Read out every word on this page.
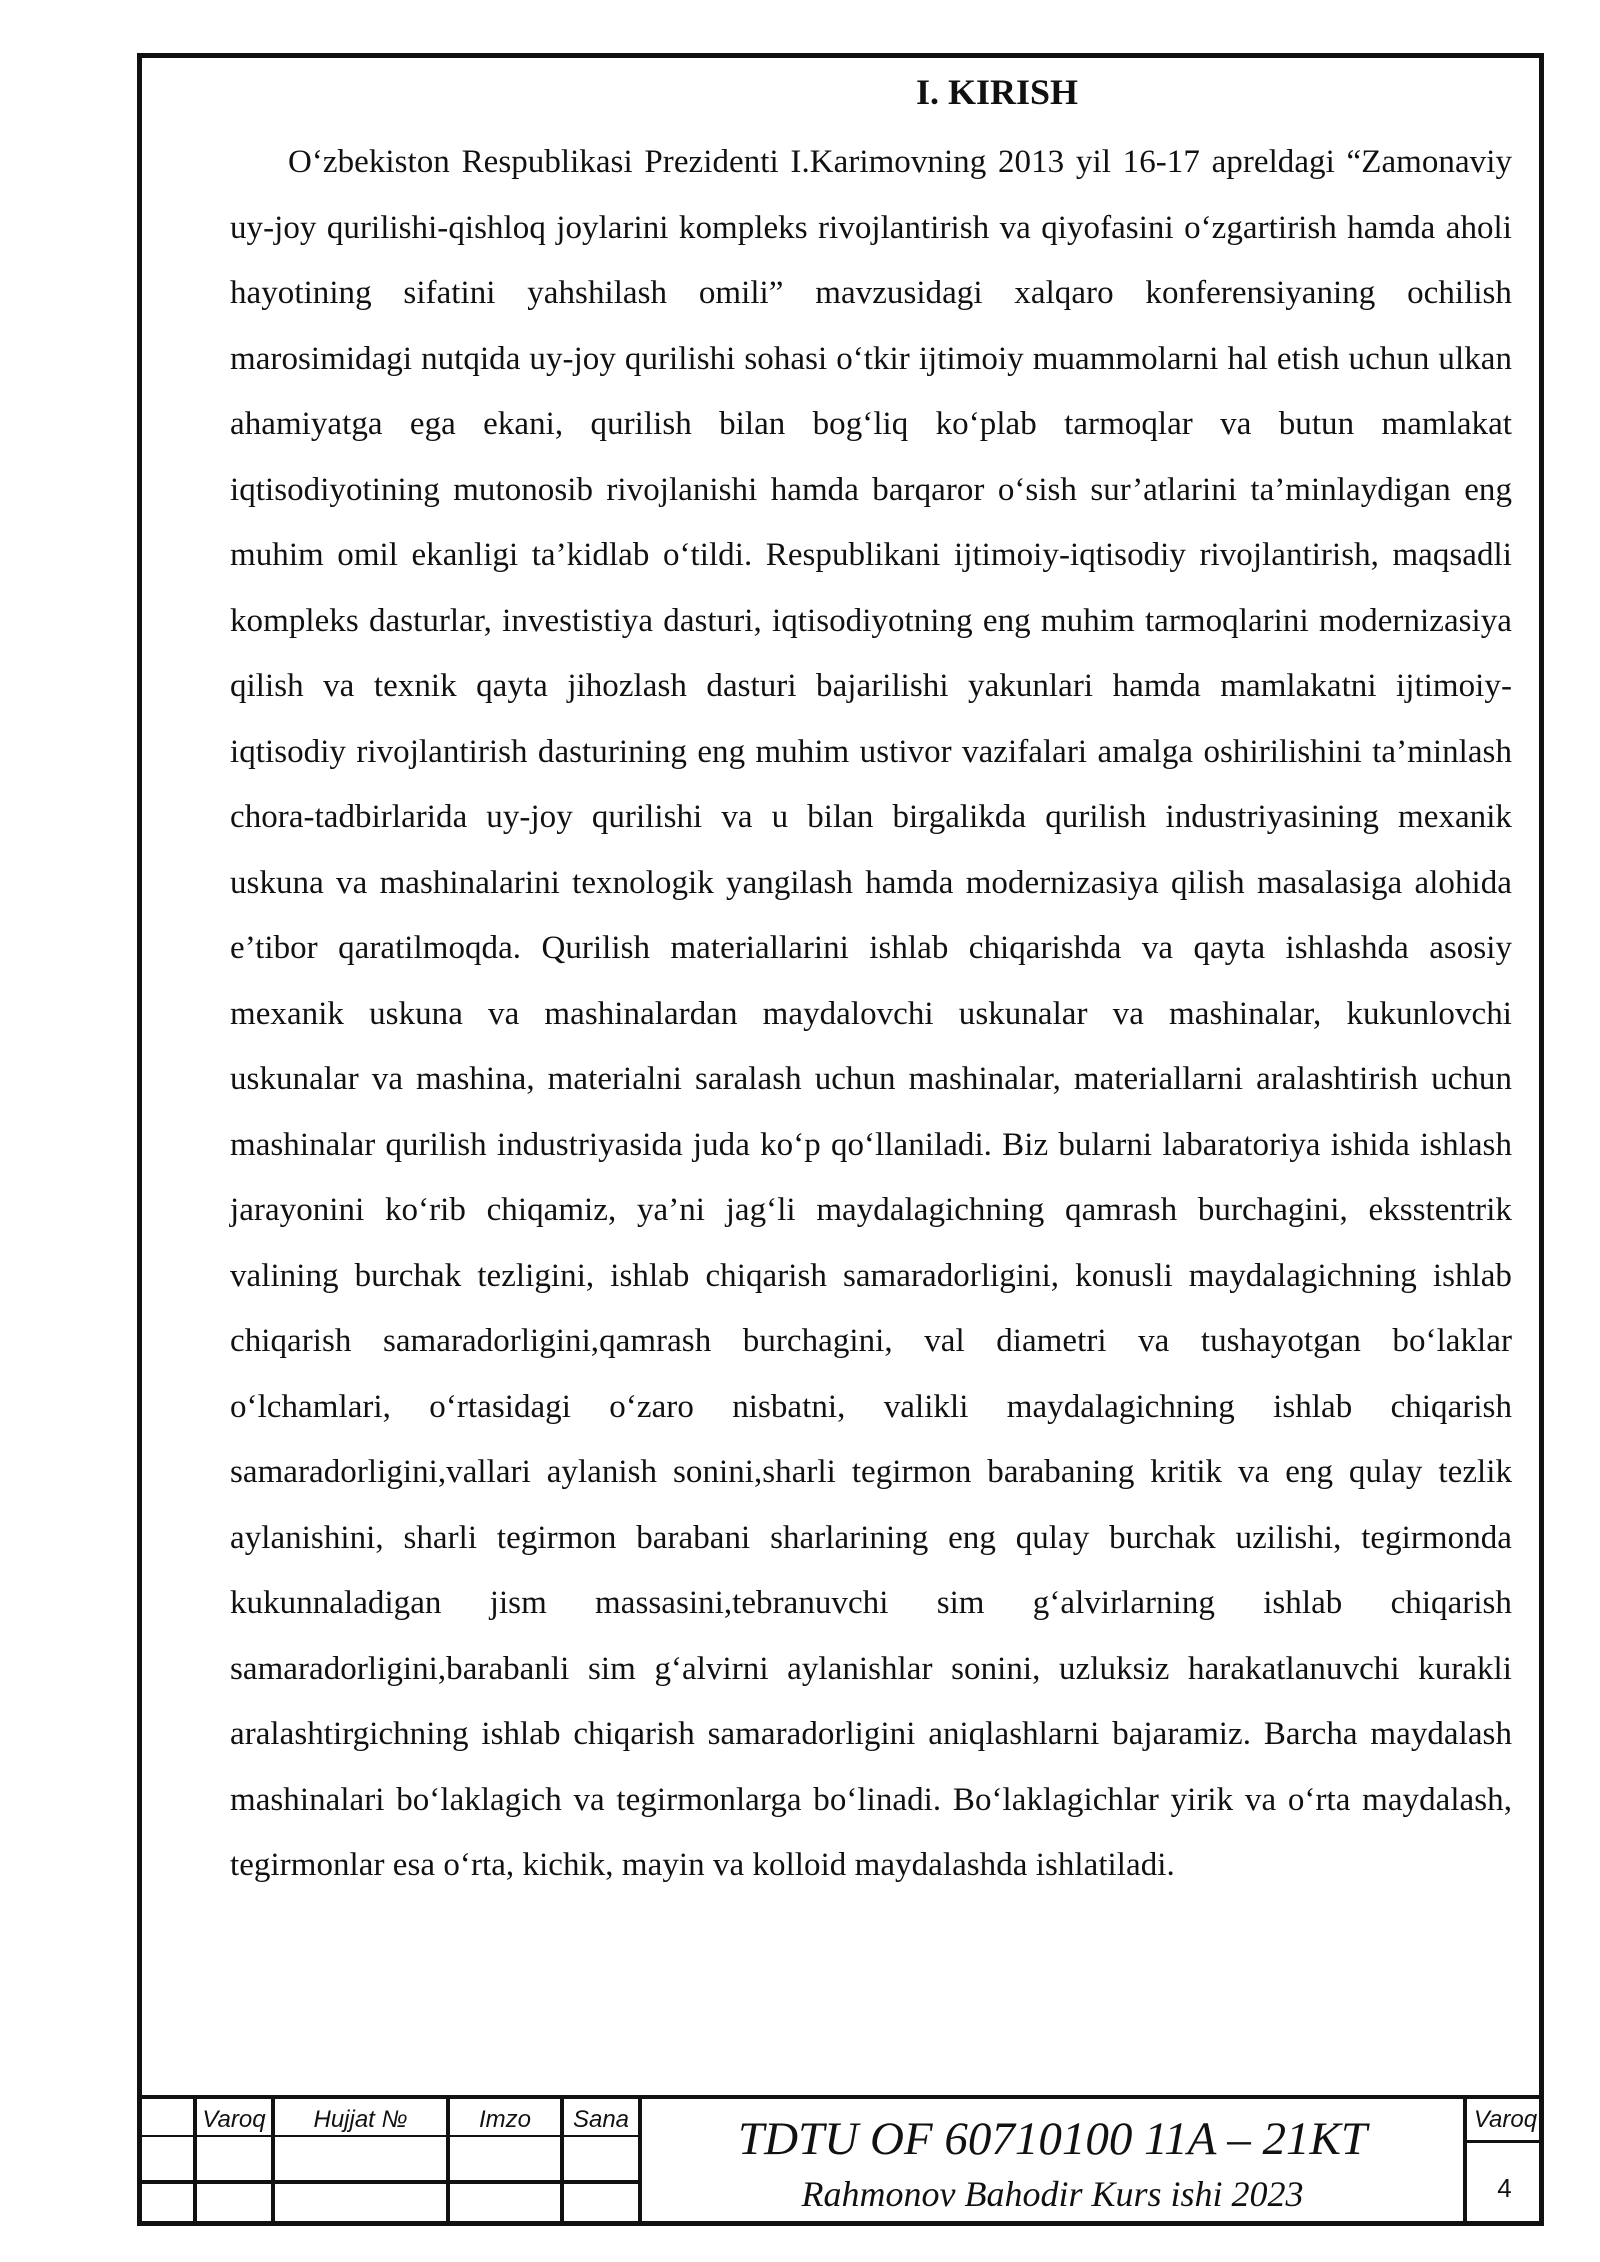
I. KIRISH

O‘zbekiston Respublikasi Prezidenti I.Karimovning 2013 yil 16-17 apreldagi “Zamonaviy uy-joy qurilishi-qishloq joylarini kompleks rivojlantirish va qiyofasini o‘zgartirish hamda aholi hayotining sifatini yahshilash omili” mavzusidagi xalqaro konferensiyaning ochilish marosimidagi nutqida uy-joy qurilishi sohasi o‘tkir ijtimoiy muammolarni hal etish uchun ulkan ahamiyatga ega ekani, qurilish bilan bog‘liq ko‘plab tarmoqlar va butun mamlakat iqtisodiyotining mutonosib rivojlanishi hamda barqaror o‘sish sur’atlarini ta’minlaydigan eng muhim omil ekanligi ta’kidlab o‘tildi. Respublikani ijtimoiy-iqtisodiy rivojlantirish, maqsadli kompleks dasturlar, investistiya dasturi, iqtisodiyotning eng muhim tarmoqlarini modernizasiya qilish va texnik qayta jihozlash dasturi bajarilishi yakunlari hamda mamlakatni ijtimoiy-iqtisodiy rivojlantirish dasturining eng muhim ustivor vazifalari amalga oshirilishini ta’minlash chora-tadbirlarida uy-joy qurilishi va u bilan birgalikda qurilish industriyasining mexanik uskuna va mashinalarini texnologik yangilash hamda modernizasiya qilish masalasiga alohida e’tibor qaratilmoqda. Qurilish materiallarini ishlab chiqarishda va qayta ishlashda asosiy mexanik uskuna va mashinalardan maydalovchi uskunalar va mashinalar, kukunlovchi uskunalar va mashina, materialni saralash uchun mashinalar, materiallarni aralashtirish uchun mashinalar qurilish industriyasida juda ko‘p qo‘llaniladi. Biz bularni labaratoriya ishida ishlash jarayonini ko‘rib chiqamiz, ya’ni jag‘li maydalagichning qamrash burchagini, eksstentrik valining burchak tezligini, ishlab chiqarish samaradorligini, konusli maydalagichning ishlab chiqarish samaradorligini,qamrash burchagini, val diametri va tushayotgan bo‘laklar o‘lchamlari, o‘rtasidagi o‘zaro nisbatni, valikli maydalagichning ishlab chiqarish samaradorligini,vallari aylanish sonini,sharli tegirmon barabaning kritik va eng qulay tezlik aylanishini, sharli tegirmon barabani sharlarining eng qulay burchak uzilishi, tegirmonda kukunnaladigan jism massasini,tebranuvchi sim g‘alvirlarning ishlab chiqarish samaradorligini,barabanli sim g‘alvirni aylanishlar sonini, uzluksiz harakatlanuvchi kurakli aralashtirgichning ishlab chiqarish samaradorligini aniqlashlarni bajaramiz. Barcha maydalash mashinalari bo‘laklagich va tegirmonlarga bo‘linadi. Bo‘laklagichlar yirik va o‘rta maydalash, tegirmonlar esa o‘rta, kichik, mayin va kolloid maydalashda ishlatiladi.

Varoq	Hujjat №	Imzo	Sana	Varoq
TDTU OF 60710100 11A – 21KT
Rahmonov Bahodir Kurs ishi 2023	4
